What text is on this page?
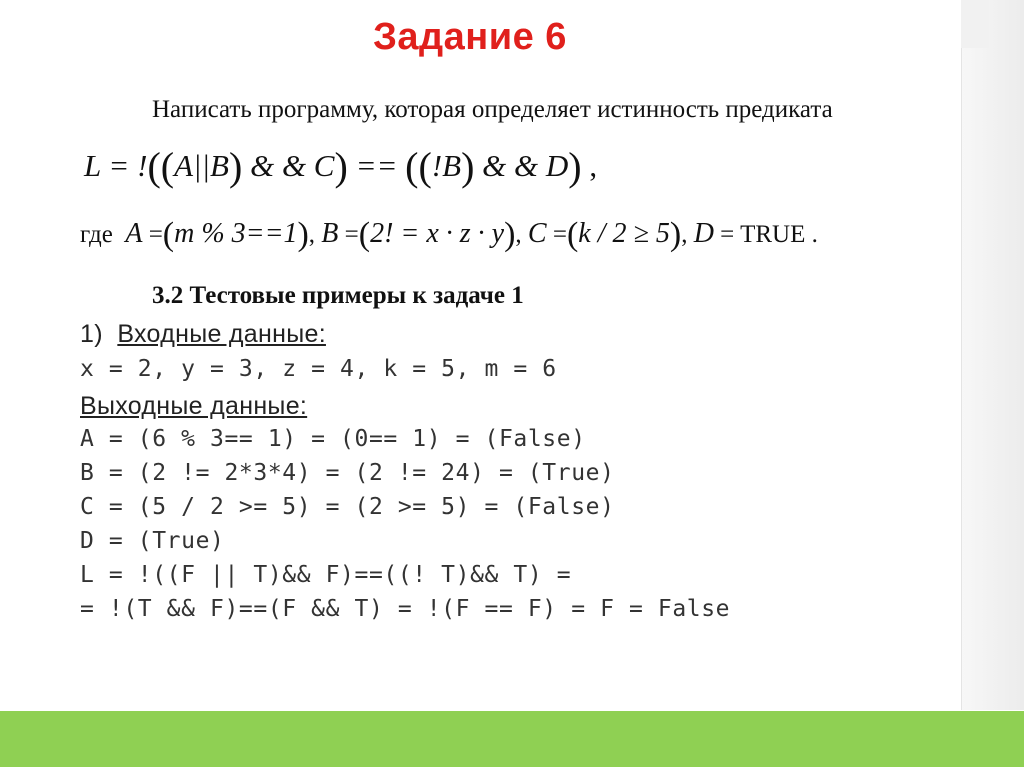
Задание 6
Написать программу, которая определяет истинность предиката
L = !((A||B) & & C) == ((!B) & & D) ,
где A =(m % 3==1), B =(2! = x · z · y), C =(k / 2 ≥ 5), D = TRUE .
3.2 Тестовые примеры к задаче 1
1) Входные данные:
x = 2, y = 3, z = 4, k = 5, m = 6
Выходные данные:
A = (6 % 3== 1) = (0== 1) = (False)
B = (2 != 2*3*4) = (2 != 24) = (True)
C = (5 / 2 >= 5) = (2 >= 5) = (False)
D = (True)
L = !((F || T)&& F)==((! T)&& T) =
= !(T && F)==(F && T) = !(F == F) = F = False
